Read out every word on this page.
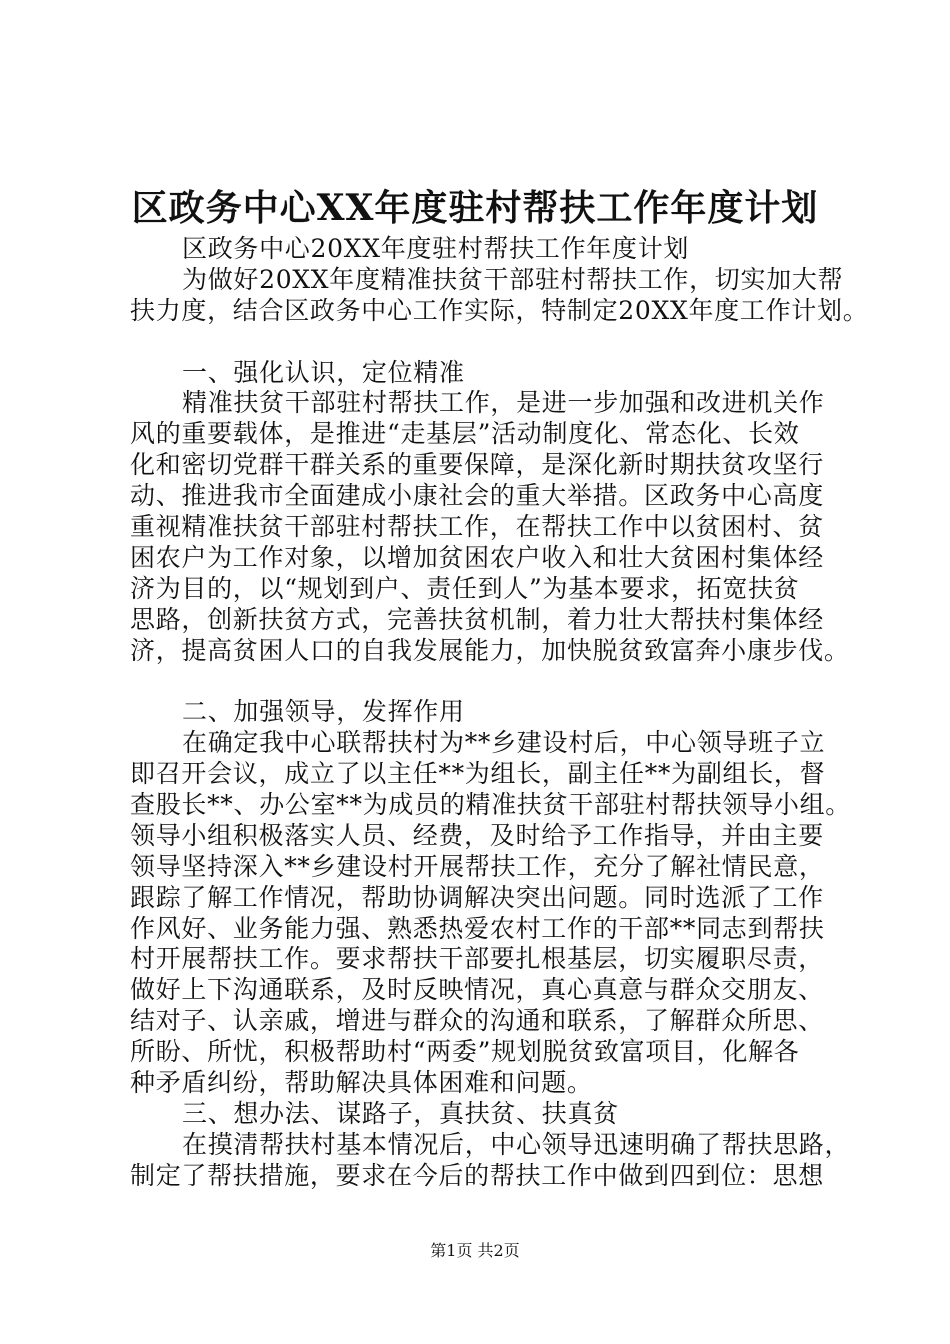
区政务中心XX年度驻村帮扶工作年度计划
区政务中心20XX年度驻村帮扶工作年度计划
为做好20XX年度精准扶贫干部驻村帮扶工作，切实加大帮
扶力度，结合区政务中心工作实际，特制定20XX年度工作计划。
一、强化认识，定位精准
精准扶贫干部驻村帮扶工作，是进一步加强和改进机关作
风的重要载体，是推进“走基层”活动制度化、常态化、长效
化和密切党群干群关系的重要保障，是深化新时期扶贫攻坚行
动、推进我市全面建成小康社会的重大举措。区政务中心高度
重视精准扶贫干部驻村帮扶工作，在帮扶工作中以贫困村、贫
困农户为工作对象，以增加贫困农户收入和壮大贫困村集体经
济为目的，以“规划到户、责任到人”为基本要求，拓宽扶贫
思路，创新扶贫方式，完善扶贫机制，着力壮大帮扶村集体经
济，提高贫困人口的自我发展能力，加快脱贫致富奔小康步伐。
二、加强领导，发挥作用
在确定我中心联帮扶村为**乡建设村后，中心领导班子立
即召开会议，成立了以主任**为组长，副主任**为副组长，督
查股长**、办公室**为成员的精准扶贫干部驻村帮扶领导小组。
领导小组积极落实人员、经费，及时给予工作指导，并由主要
领导坚持深入**乡建设村开展帮扶工作，充分了解社情民意，
跟踪了解工作情况，帮助协调解决突出问题。同时选派了工作
作风好、业务能力强、熟悉热爱农村工作的干部**同志到帮扶
村开展帮扶工作。要求帮扶干部要扎根基层，切实履职尽责，
做好上下沟通联系，及时反映情况，真心真意与群众交朋友、
结对子、认亲戚，增进与群众的沟通和联系，了解群众所思、
所盼、所忧，积极帮助村“两委”规划脱贫致富项目，化解各
种矛盾纠纷，帮助解决具体困难和问题。
三、想办法、谋路子，真扶贫、扶真贫
在摸清帮扶村基本情况后，中心领导迅速明确了帮扶思路，
制定了帮扶措施，要求在今后的帮扶工作中做到四到位：思想
第1页 共2页
